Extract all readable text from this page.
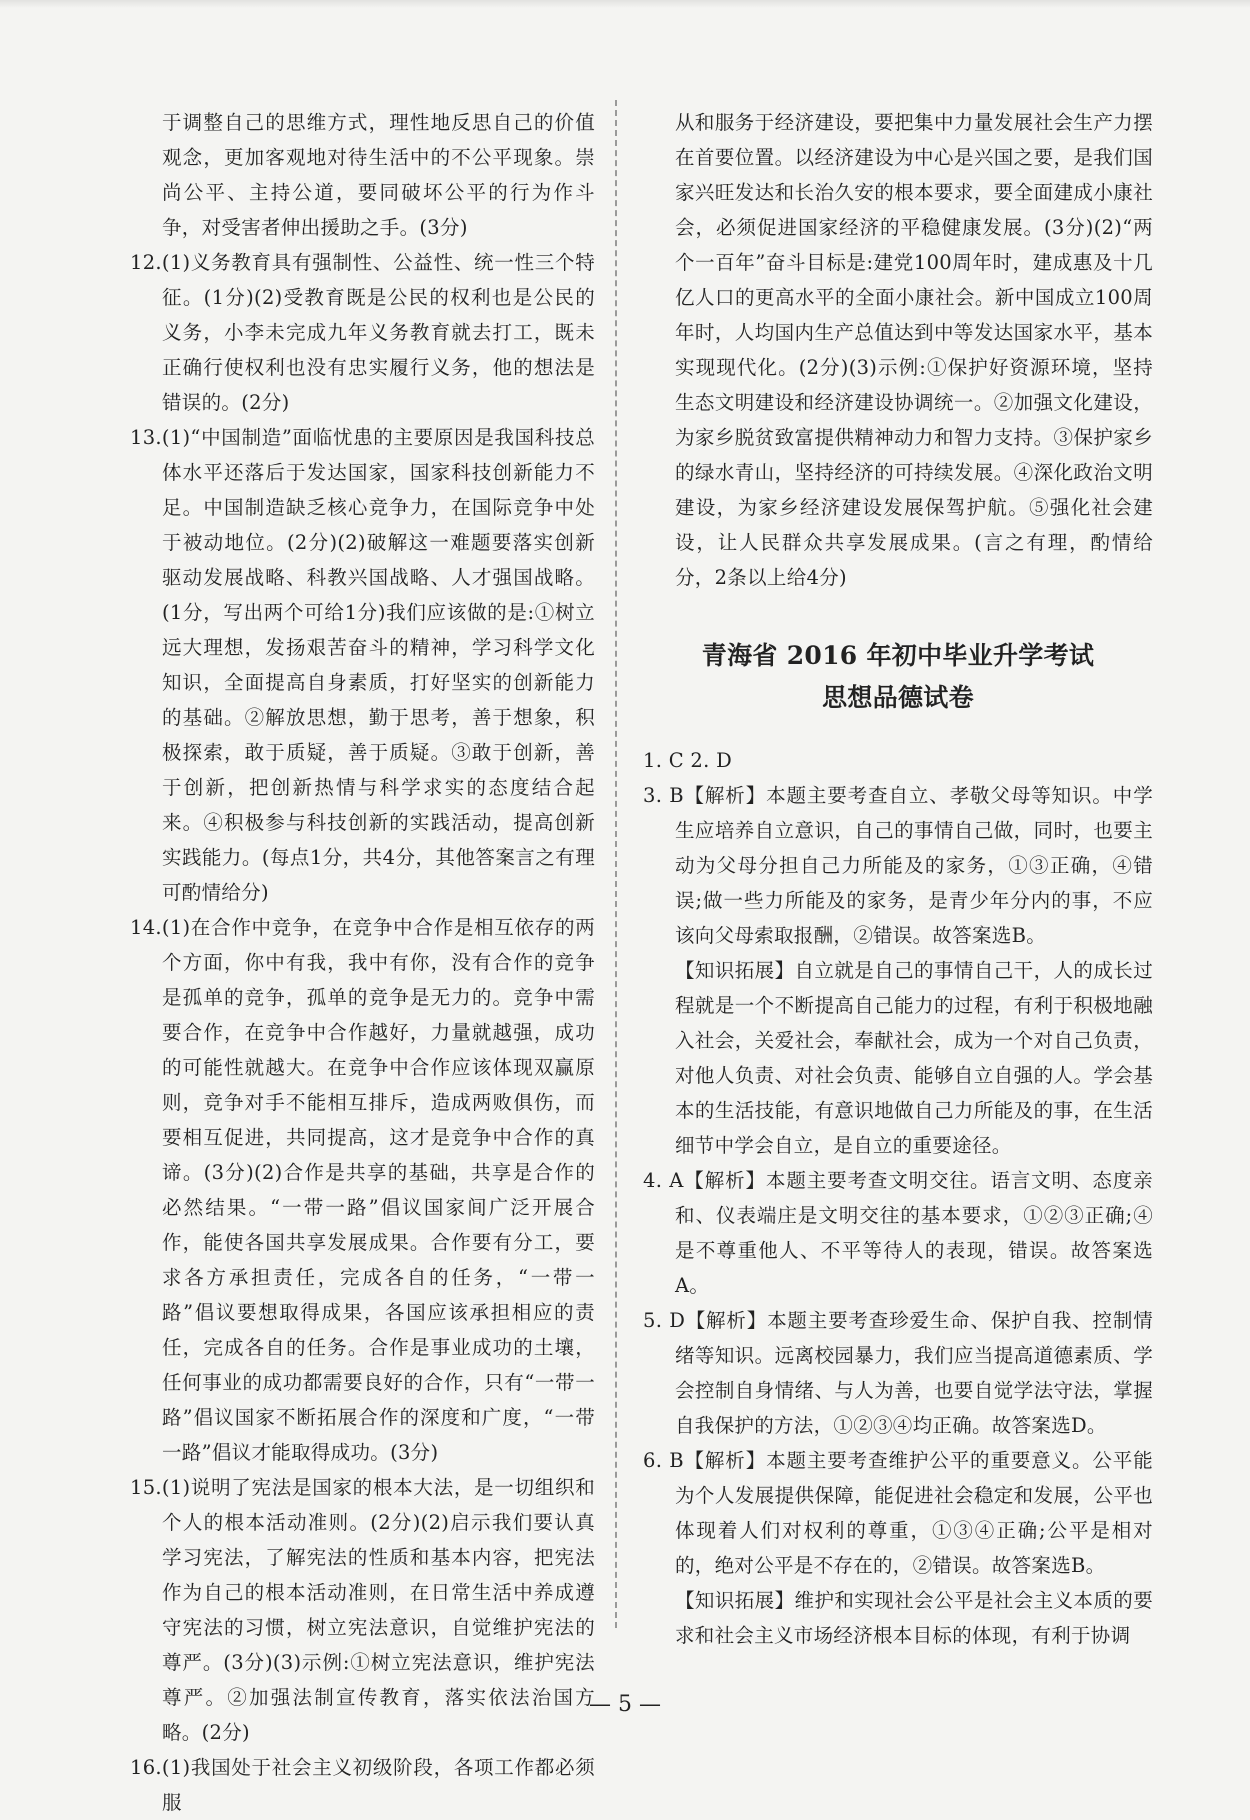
于调整自己的思维方式，理性地反思自己的价值观念，更加客观地对待生活中的不公平现象。崇尚公平、主持公道，要同破坏公平的行为作斗争，对受害者伸出援助之手。(3分)

12.(1)义务教育具有强制性、公益性、统一性三个特征。(1分)(2)受教育既是公民的权利也是公民的义务，小李未完成九年义务教育就去打工，既未正确行使权利也没有忠实履行义务，他的想法是错误的。(2分)

13.(1)“中国制造”面临忧患的主要原因是我国科技总体水平还落后于发达国家，国家科技创新能力不足。中国制造缺乏核心竞争力，在国际竞争中处于被动地位。(2分)(2)破解这一难题要落实创新驱动发展战略、科教兴国战略、人才强国战略。(1分，写出两个可给1分)我们应该做的是:①树立远大理想，发扬艰苦奋斗的精神，学习科学文化知识，全面提高自身素质，打好坚实的创新能力的基础。②解放思想，勤于思考，善于想象，积极探索，敢于质疑，善于质疑。③敢于创新，善于创新，把创新热情与科学求实的态度结合起来。④积极参与科技创新的实践活动，提高创新实践能力。(每点1分，共4分，其他答案言之有理可酌情给分)

14.(1)在合作中竞争，在竞争中合作是相互依存的两个方面，你中有我，我中有你，没有合作的竞争是孤单的竞争，孤单的竞争是无力的。竞争中需要合作，在竞争中合作越好，力量就越强，成功的可能性就越大。在竞争中合作应该体现双赢原则，竞争对手不能相互排斥，造成两败俱伤，而要相互促进，共同提高，这才是竞争中合作的真谛。(3分)(2)合作是共享的基础，共享是合作的必然结果。“一带一路”倡议国家间广泛开展合作，能使各国共享发展成果。合作要有分工，要求各方承担责任，完成各自的任务，“一带一路”倡议要想取得成果，各国应该承担相应的责任，完成各自的任务。合作是事业成功的土壤，任何事业的成功都需要良好的合作，只有“一带一路”倡议国家不断拓展合作的深度和广度，“一带一路”倡议才能取得成功。(3分)

15.(1)说明了宪法是国家的根本大法，是一切组织和个人的根本活动准则。(2分)(2)启示我们要认真学习宪法，了解宪法的性质和基本内容，把宪法作为自己的根本活动准则，在日常生活中养成遵守宪法的习惯，树立宪法意识，自觉维护宪法的尊严。(3分)(3)示例:①树立宪法意识，维护宪法尊严。②加强法制宣传教育，落实依法治国方略。(2分)

16.(1)我国处于社会主义初级阶段，各项工作都必须服

从和服务于经济建设，要把集中力量发展社会生产力摆在首要位置。以经济建设为中心是兴国之要，是我们国家兴旺发达和长治久安的根本要求，要全面建成小康社会，必须促进国家经济的平稳健康发展。(3分)(2)“两个一百年”奋斗目标是:建党100周年时，建成惠及十几亿人口的更高水平的全面小康社会。新中国成立100周年时，人均国内生产总值达到中等发达国家水平，基本实现现代化。(2分)(3)示例:①保护好资源环境，坚持生态文明建设和经济建设协调统一。②加强文化建设，为家乡脱贫致富提供精神动力和智力支持。③保护家乡的绿水青山，坚持经济的可持续发展。④深化政治文明建设，为家乡经济建设发展保驾护航。⑤强化社会建设，让人民群众共享发展成果。(言之有理，酌情给分，2条以上给4分)

青海省 2016 年初中毕业升学考试
思想品德试卷

1. C 2. D

3. B【解析】本题主要考查自立、孝敬父母等知识。中学生应培养自立意识，自己的事情自己做，同时，也要主动为父母分担自己力所能及的家务，①③正确，④错误;做一些力所能及的家务，是青少年分内的事，不应该向父母索取报酬，②错误。故答案选B。

【知识拓展】自立就是自己的事情自己干，人的成长过程就是一个不断提高自己能力的过程，有利于积极地融入社会，关爱社会，奉献社会，成为一个对自己负责，对他人负责、对社会负责、能够自立自强的人。学会基本的生活技能，有意识地做自己力所能及的事，在生活细节中学会自立，是自立的重要途径。

4. A【解析】本题主要考查文明交往。语言文明、态度亲和、仪表端庄是文明交往的基本要求，①②③正确;④是不尊重他人、不平等待人的表现，错误。故答案选A。

5. D【解析】本题主要考查珍爱生命、保护自我、控制情绪等知识。远离校园暴力，我们应当提高道德素质、学会控制自身情绪、与人为善，也要自觉学法守法，掌握自我保护的方法，①②③④均正确。故答案选D。

6. B【解析】本题主要考查维护公平的重要意义。公平能为个人发展提供保障，能促进社会稳定和发展，公平也体现着人们对权利的尊重，①③④正确;公平是相对的，绝对公平是不存在的，②错误。故答案选B。

【知识拓展】维护和实现社会公平是社会主义本质的要求和社会主义市场经济根本目标的体现，有利于协调

— 5 —
